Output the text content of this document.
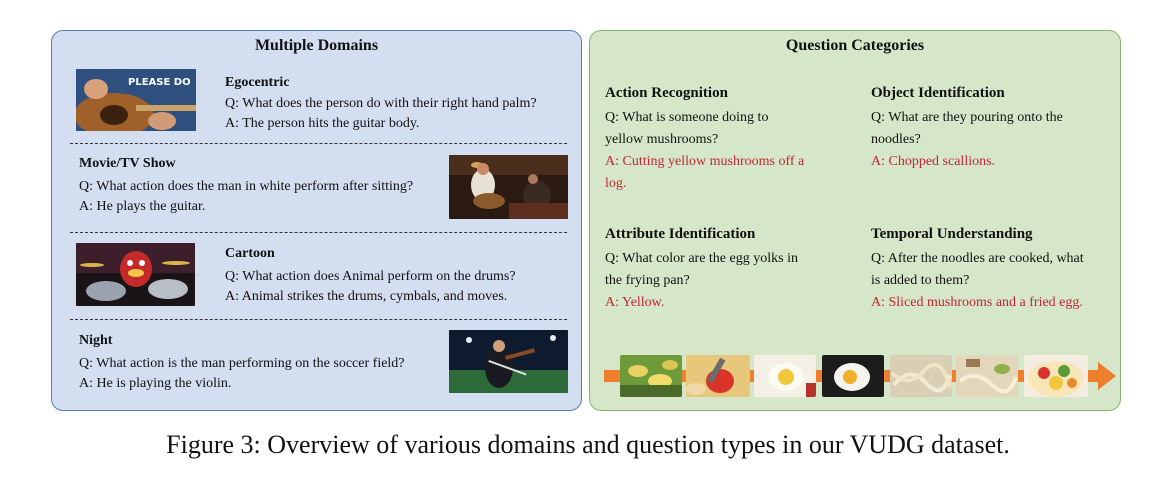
Multiple Domains
PLEASE DO Egocentric
Q: What does the person do with their right hand palm?
A: The person hits the guitar body.
Movie/TV Show
Q: What action does the man in white perform after sitting?
A: He plays the guitar.
Cartoon
Q: What action does Animal perform on the drums?
A: Animal strikes the drums, cymbals, and moves.
Night
Q: What action is the man performing on the soccer field?
A: He is playing the violin.
Question Categories
Action Recognition
Q: What is someone doing to
yellow mushrooms?
A: Cutting yellow mushrooms off a
log.
Object Identification
Q: What are they pouring onto the
noodles?
A: Chopped scallions.
Attribute Identification
Q: What color are the egg yolks in
the frying pan?
A: Yellow.
Temporal Understanding
Q: After the noodles are cooked, what
is added to them?
A: Sliced mushrooms and a fried egg.
Figure 3: Overview of various domains and question types in our VUDG dataset.
